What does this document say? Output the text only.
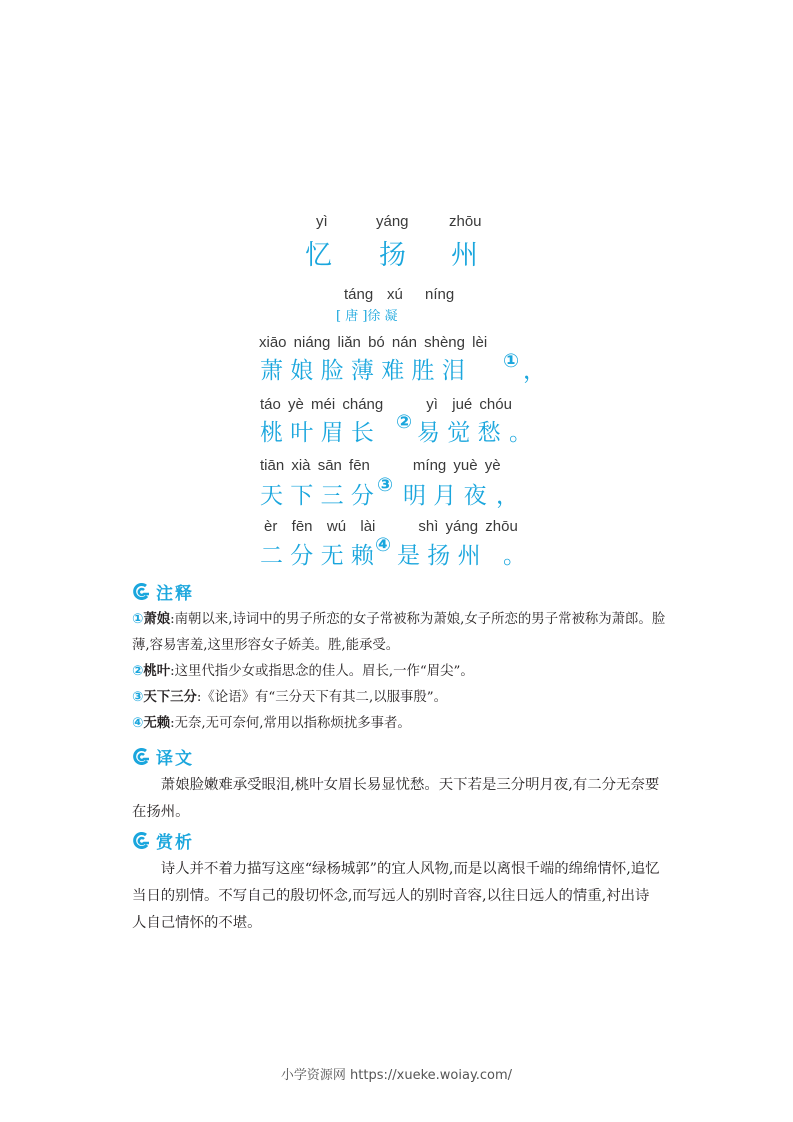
yì	yáng	zhōu
忆 扬 州
táng xú níng
[ 唐 ]徐 凝
xiāo niáng liǎn bó nán shèng lèi
萧 娘 脸 薄 难 胜 泪 ① ，
táo yè méi cháng      yì  jué chóu
桃 叶 眉 长 ② 易 觉 愁 。
tiān xià sān fēn      míng yuè yè
天 下 三 分 ③ 明 月 夜 ，
èr  fēn  wú  lài      shì yáng zhōu
二 分 无 赖 ④ 是 扬 州 。
注释
①萧娘:南朝以来,诗词中的男子所恋的女子常被称为萧娘,女子所恋的男子常被称为萧郎。脸薄,容易害羞,这里形容女子娇美。胜,能承受。
②桃叶:这里代指少女或指思念的佳人。眉长,一作“眉尖”。
③天下三分:《论语》有“三分天下有其二,以服事殷”。
④无赖:无奈,无可奈何,常用以指称烦扰多事者。
译文
萧娘脸嫩难承受眼泪,桃叶女眉长易显忧愁。天下若是三分明月夜,有二分无奈要在扬州。
赏析
诗人并不着力描写这座“绿杨城郭”的宜人风物,而是以离恨千端的绵绵情怀,追忆当日的别情。不写自己的殷切怀念,而写远人的别时音容,以往日远人的情重,衬出诗人自己情怀的不堪。
小学资源网 https://xueke.woiay.com/
